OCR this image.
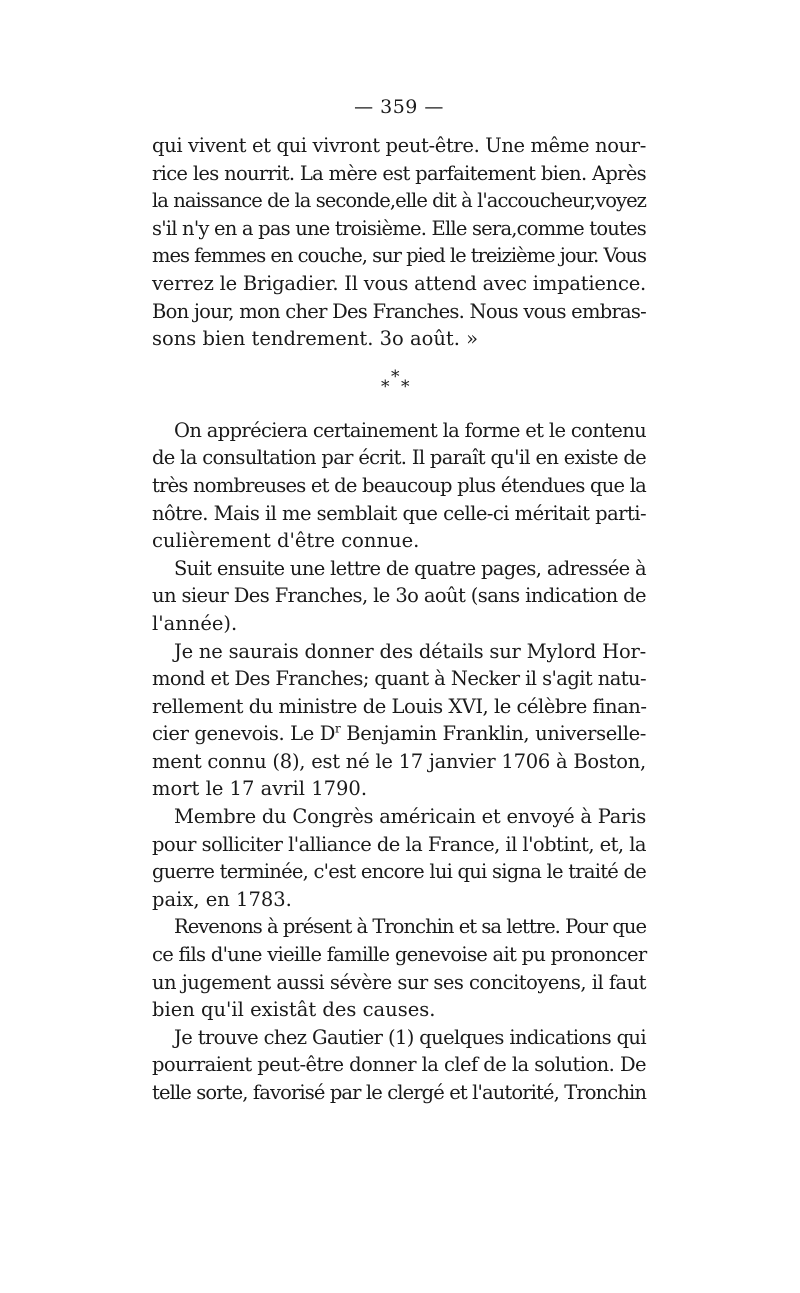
— 359 —

qui vivent et qui vivront peut-être. Une même nour-
rice les nourrit. La mère est parfaitement bien. Après
la naissance de la seconde,elle dit à l'accoucheur,voyez
s'il n'y en a pas une troisième. Elle sera,comme toutes
mes femmes en couche, sur pied le treizième jour. Vous
verrez le Brigadier. Il vous attend avec impatience.
Bon jour, mon cher Des Franches. Nous vous embras-
sons bien tendrement. 3o août. »

*
* *

On appréciera certainement la forme et le contenu
de la consultation par écrit. Il paraît qu'il en existe de
très nombreuses et de beaucoup plus étendues que la
nôtre. Mais il me semblait que celle-ci méritait parti-
culièrement d'être connue.

Suit ensuite une lettre de quatre pages, adressée à
un sieur Des Franches, le 3o août (sans indication de
l'année).

Je ne saurais donner des détails sur Mylord Hor-
mond et Des Franches; quant à Necker il s'agit natu-
rellement du ministre de Louis XVI, le célèbre finan-
cier genevois. Le $D^r$ Benjamin Franklin, universelle-
ment connu (8), est né le 17 janvier 1706 à Boston,
mort le 17 avril 1790.

Membre du Congrès américain et envoyé à Paris
pour solliciter l'alliance de la France, il l'obtint, et, la
guerre terminée, c'est encore lui qui signa le traité de
paix, en 1783.

Revenons à présent à Tronchin et sa lettre. Pour que
ce fils d'une vieille famille genevoise ait pu prononcer
un jugement aussi sévère sur ses concitoyens, il faut
bien qu'il existât des causes.

Je trouve chez Gautier (1) quelques indications qui
pourraient peut-être donner la clef de la solution. De
telle sorte, favorisé par le clergé et l'autorité, Tronchin
